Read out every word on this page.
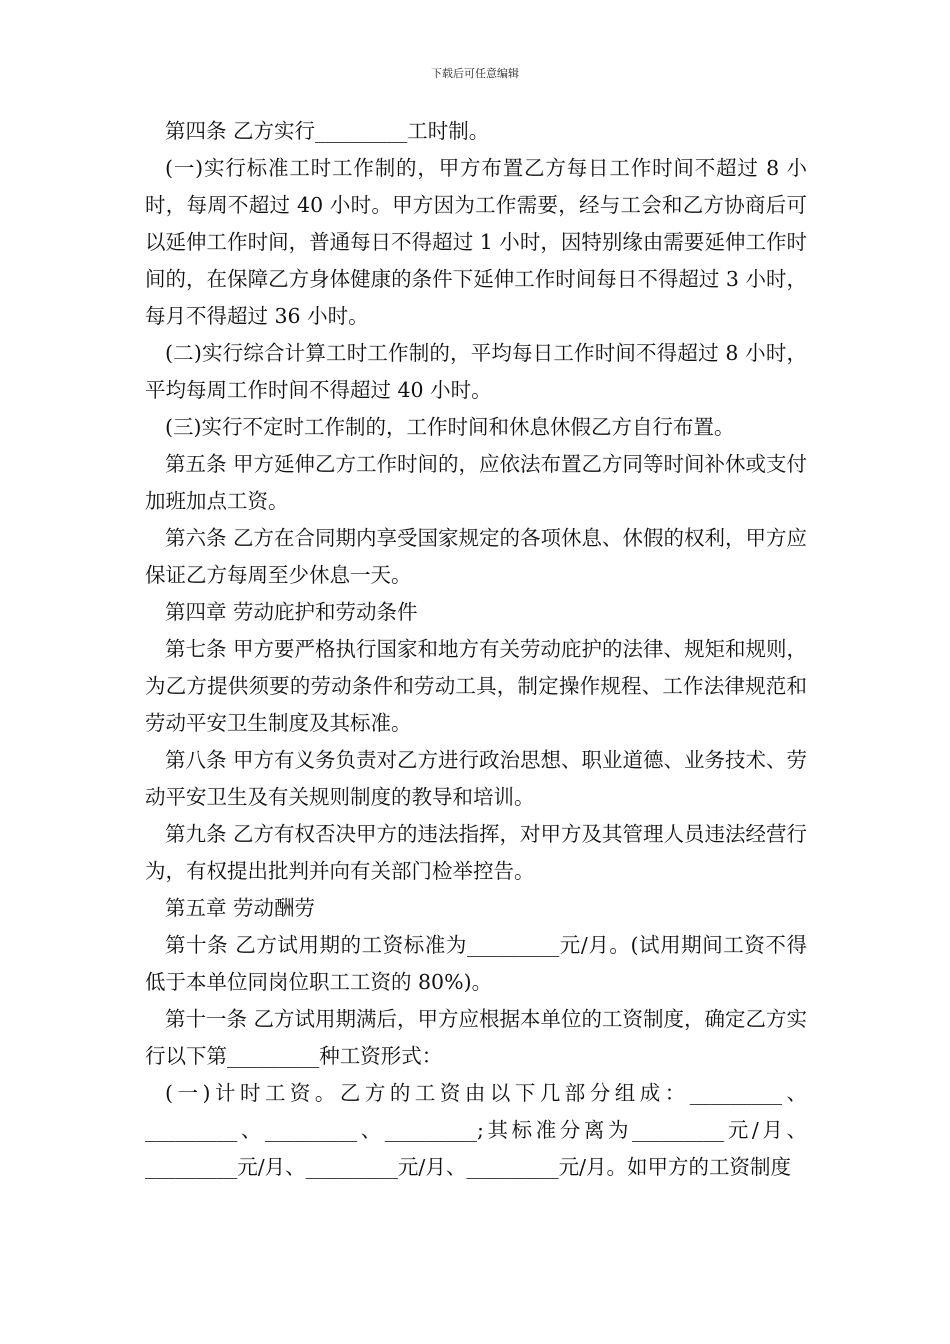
下载后可任意编辑

第四条 乙方实行_________工时制。

(一)实行标准工时工作制的，甲方布置乙方每日工作时间不超过 8 小时，每周不超过 40 小时。甲方因为工作需要，经与工会和乙方协商后可以延伸工作时间，普通每日不得超过 1 小时，因特别缘由需要延伸工作时间的，在保障乙方身体健康的条件下延伸工作时间每日不得超过 3 小时，每月不得超过 36 小时。

(二)实行综合计算工时工作制的，平均每日工作时间不得超过 8 小时，平均每周工作时间不得超过 40 小时。

(三)实行不定时工作制的，工作时间和休息休假乙方自行布置。

第五条 甲方延伸乙方工作时间的，应依法布置乙方同等时间补休或支付加班加点工资。

第六条 乙方在合同期内享受国家规定的各项休息、休假的权利，甲方应保证乙方每周至少休息一天。

第四章 劳动庇护和劳动条件

第七条 甲方要严格执行国家和地方有关劳动庇护的法律、规矩和规则，为乙方提供须要的劳动条件和劳动工具，制定操作规程、工作法律规范和劳动平安卫生制度及其标准。

第八条 甲方有义务负责对乙方进行政治思想、职业道德、业务技术、劳动平安卫生及有关规则制度的教导和培训。

第九条 乙方有权否决甲方的违法指挥，对甲方及其管理人员违法经营行为，有权提出批判并向有关部门检举控告。

第五章 劳动酬劳

第十条 乙方试用期的工资标准为_________元/月。(试用期间工资不得低于本单位同岗位职工工资的 80%)。

第十一条 乙方试用期满后，甲方应根据本单位的工资制度，确定乙方实行以下第_________种工资形式：

(一)计时工资。乙方的工资由以下几部分组成：_________、_________、_________、_________;其标准分离为_________元/月、_________元/月、_________元/月、_________元/月。如甲方的工资制度
